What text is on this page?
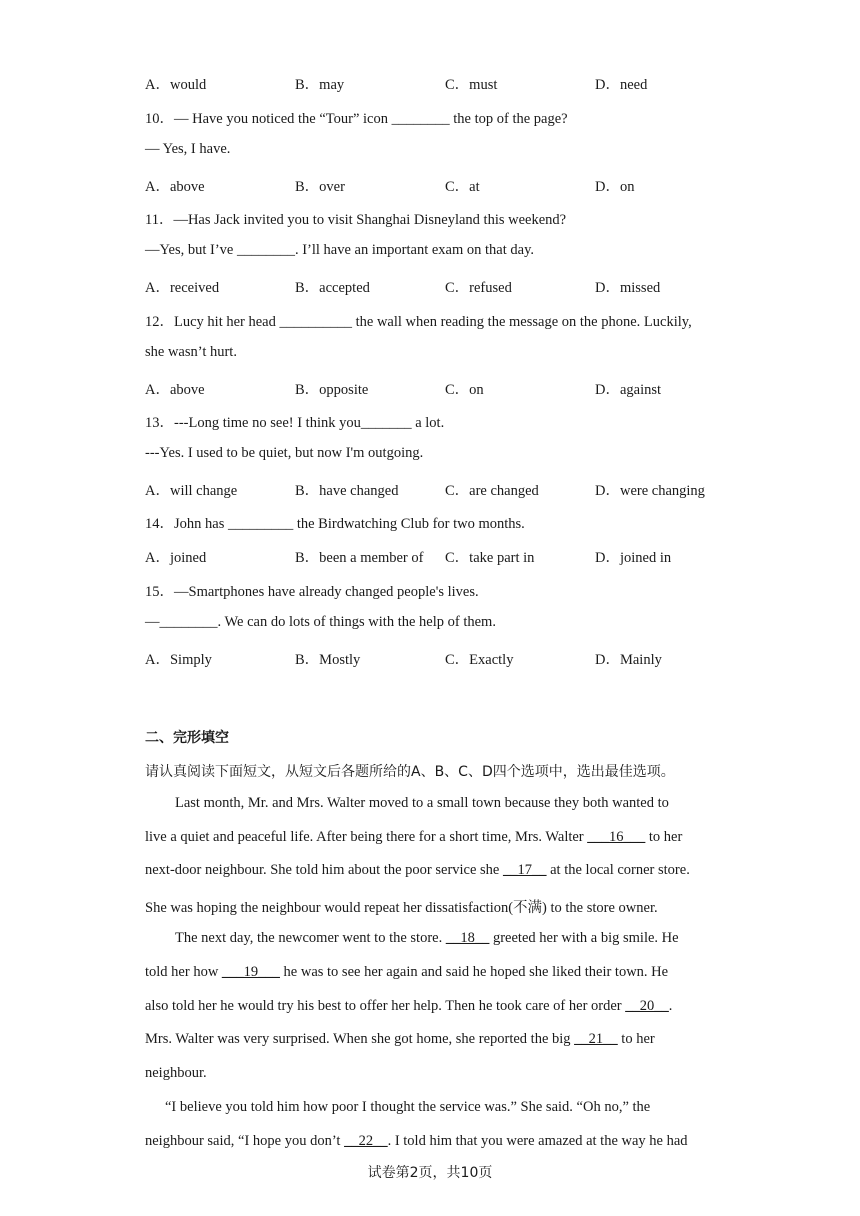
A．would	B．may	C．must	D．need
10．— Have you noticed the “Tour” icon ________ the top of the page?
— Yes, I have.
A．above	B．over	C．at	D．on
11．—Has Jack invited you to visit Shanghai Disneyland this weekend?
—Yes, but I’ve ________. I’ll have an important exam on that day.
A．received	B．accepted	C．refused	D．missed
12．Lucy hit her head __________ the wall when reading the message on the phone. Luckily,
she wasn’t hurt.
A．above	B．opposite	C．on	D．against
13．---Long time no see! I think you_______ a lot.
---Yes. I used to be quiet, but now I'm outgoing.
A．will change	B．have changed	C．are changed	D．were changing
14．John has _________ the Birdwatching Club for two months.
A．joined	B．been a member of C．take part in	D．joined in
15．—Smartphones have already changed people's lives.
—________. We can do lots of things with the help of them.
A．Simply	B．Mostly	C．Exactly	D．Mainly
二、完形填空
请认真阅读下面短文，从短文后各题所给的A、B、C、D四个选项中，选出最佳选项。
Last month, Mr. and Mrs. Walter moved to a small town because they both wanted to
live a quiet and peaceful life. After being there for a short time, Mrs. Walter ___16___ to her
next-door neighbour. She told him about the poor service she __17__ at the local corner store.
She was hoping the neighbour would repeat her dissatisfaction(不满) to the store owner.
The next day, the newcomer went to the store. __18__ greeted her with a big smile. He
told her how ___19___ he was to see her again and said he hoped she liked their town. He
also told her he would try his best to offer her help. Then he took care of her order __20__.
Mrs. Walter was very surprised. When she got home, she reported the big __21__ to her
neighbour.
“I believe you told him how poor I thought the service was.” She said. “Oh no,” the
neighbour said, “I hope you don’t __22__. I told him that you were amazed at the way he had
试卷第2页，共10页
